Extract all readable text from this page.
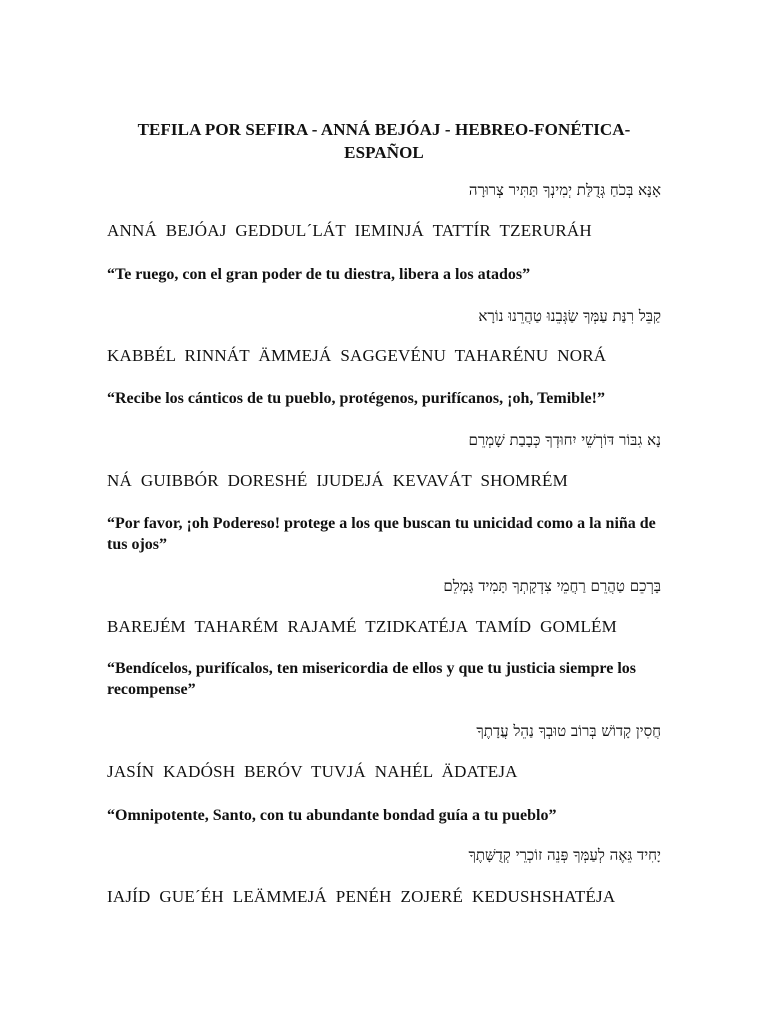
TEFILA POR SEFIRA - ANNÁ BEJÓAJ - HEBREO-FONÉTICA-ESPAÑOL
אָנָּא בְּכֹחַ גְּדֻלַּת יְמִינְךָ תַּתִּיר צְרוּרָה
ANNÁ  BEJÓAJ  GEDDUL´LÁT  IEMINJÁ  TATTÍR  TZERURÁH
“Te ruego, con el gran poder de tu diestra, libera a los atados”
קַבֵּל רִנַּת עַמְּךָ שַׂגְּבֵנוּ טַהֲרֵנוּ נוֹרָא
KABBÉL  RINNÁT  ÄMMEJÁ  SAGGEVÉNU  TAHARÉNU  NORÁ
“Recibe los cánticos de tu pueblo, protégenos, purifícanos, ¡oh, Temible!”
נָא גִבּוֹר דּוֹרְשֵׁי יִחוּדְךָ כְּבָבַת שָׁמְרֵם
NÁ  GUIBBÓR  DORESHÉ  IJUDEJÁ  KEVAVÁT  SHOMRÉM
“Por favor, ¡oh Podereso! protege a los que buscan tu unicidad como a la niña de tus ojos”
בָּרְכֵם טַהֲרֵם רַחֲמֵי צִדְקָתְךָ תָּמִיד גָּמְלֵם
BAREJÉM  TAHARÉM  RAJAMÉ  TZIDKATÉJA  TAMÍD  GOMLÉM
“Bendícelos, purifícalos, ten misericordia de ellos y que tu justicia siempre los recompense”
חֲסִין קָדוֹשׁ בְּרוֹב טוּבְךָ נַהֵל עֲדָתֶךָ
JASÍN  KADÓSH  BERÓV  TUVJÁ  NAHÉL  ÄDATEJA
“Omnipotente, Santo, con tu abundante bondad guía a tu pueblo”
יָחִיד גֵּאֶה לְעַמְּךָ פְּנֵה זוֹכְרֵי קְדֻשָּׁתֶךָ
IAJÍD  GUE´ÉH  LEÄMMEJÁ  PENÉH  ZOJERÉ  KEDUSHSHATÉJA
